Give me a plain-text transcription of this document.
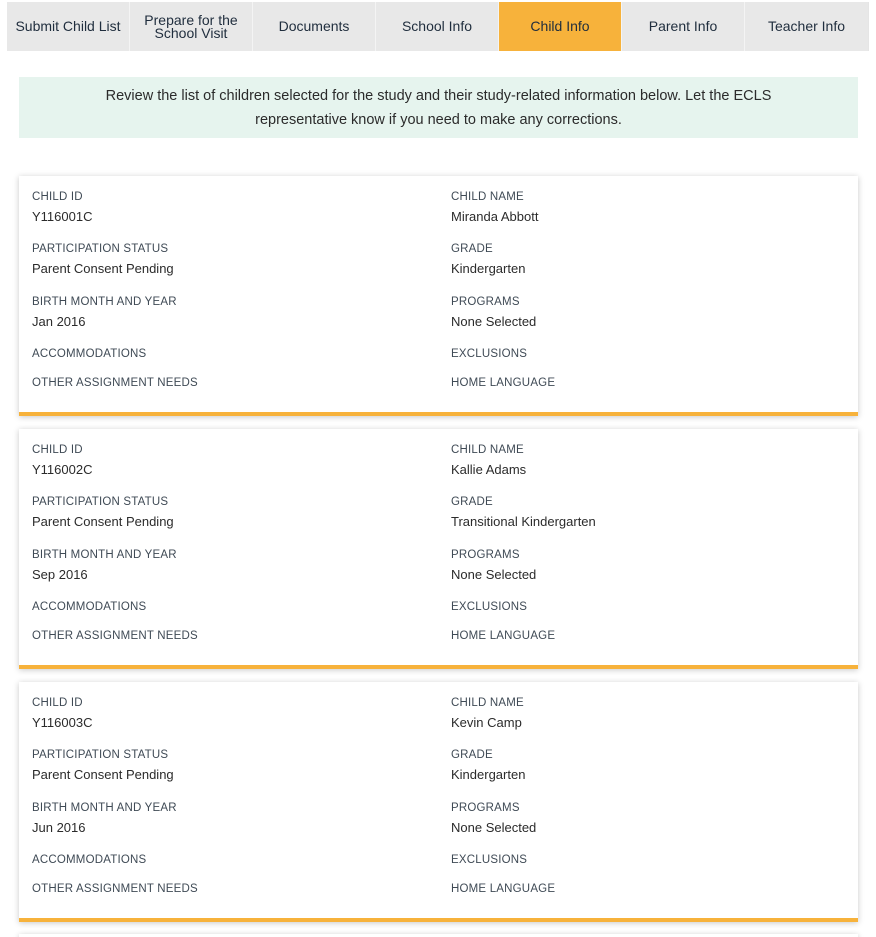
Submit Child List	Prepare for the School Visit	Documents	School Info	Child Info	Parent Info	Teacher Info

Review the list of children selected for the study and their study-related information below. Let the ECLS representative know if you need to make any corrections.

CHILD ID
Y116001C
CHILD NAME
Miranda Abbott
PARTICIPATION STATUS
Parent Consent Pending
GRADE
Kindergarten
BIRTH MONTH AND YEAR
Jan 2016
PROGRAMS
None Selected
ACCOMMODATIONS	EXCLUSIONS
OTHER ASSIGNMENT NEEDS	HOME LANGUAGE
CHILD ID
Y116002C
CHILD NAME
Kallie Adams
PARTICIPATION STATUS
Parent Consent Pending
GRADE
Transitional Kindergarten
BIRTH MONTH AND YEAR
Sep 2016
PROGRAMS
None Selected
ACCOMMODATIONS	EXCLUSIONS
OTHER ASSIGNMENT NEEDS	HOME LANGUAGE
CHILD ID
Y116003C
CHILD NAME
Kevin Camp
PARTICIPATION STATUS
Parent Consent Pending
GRADE
Kindergarten
BIRTH MONTH AND YEAR
Jun 2016
PROGRAMS
None Selected
ACCOMMODATIONS	EXCLUSIONS
OTHER ASSIGNMENT NEEDS	HOME LANGUAGE
